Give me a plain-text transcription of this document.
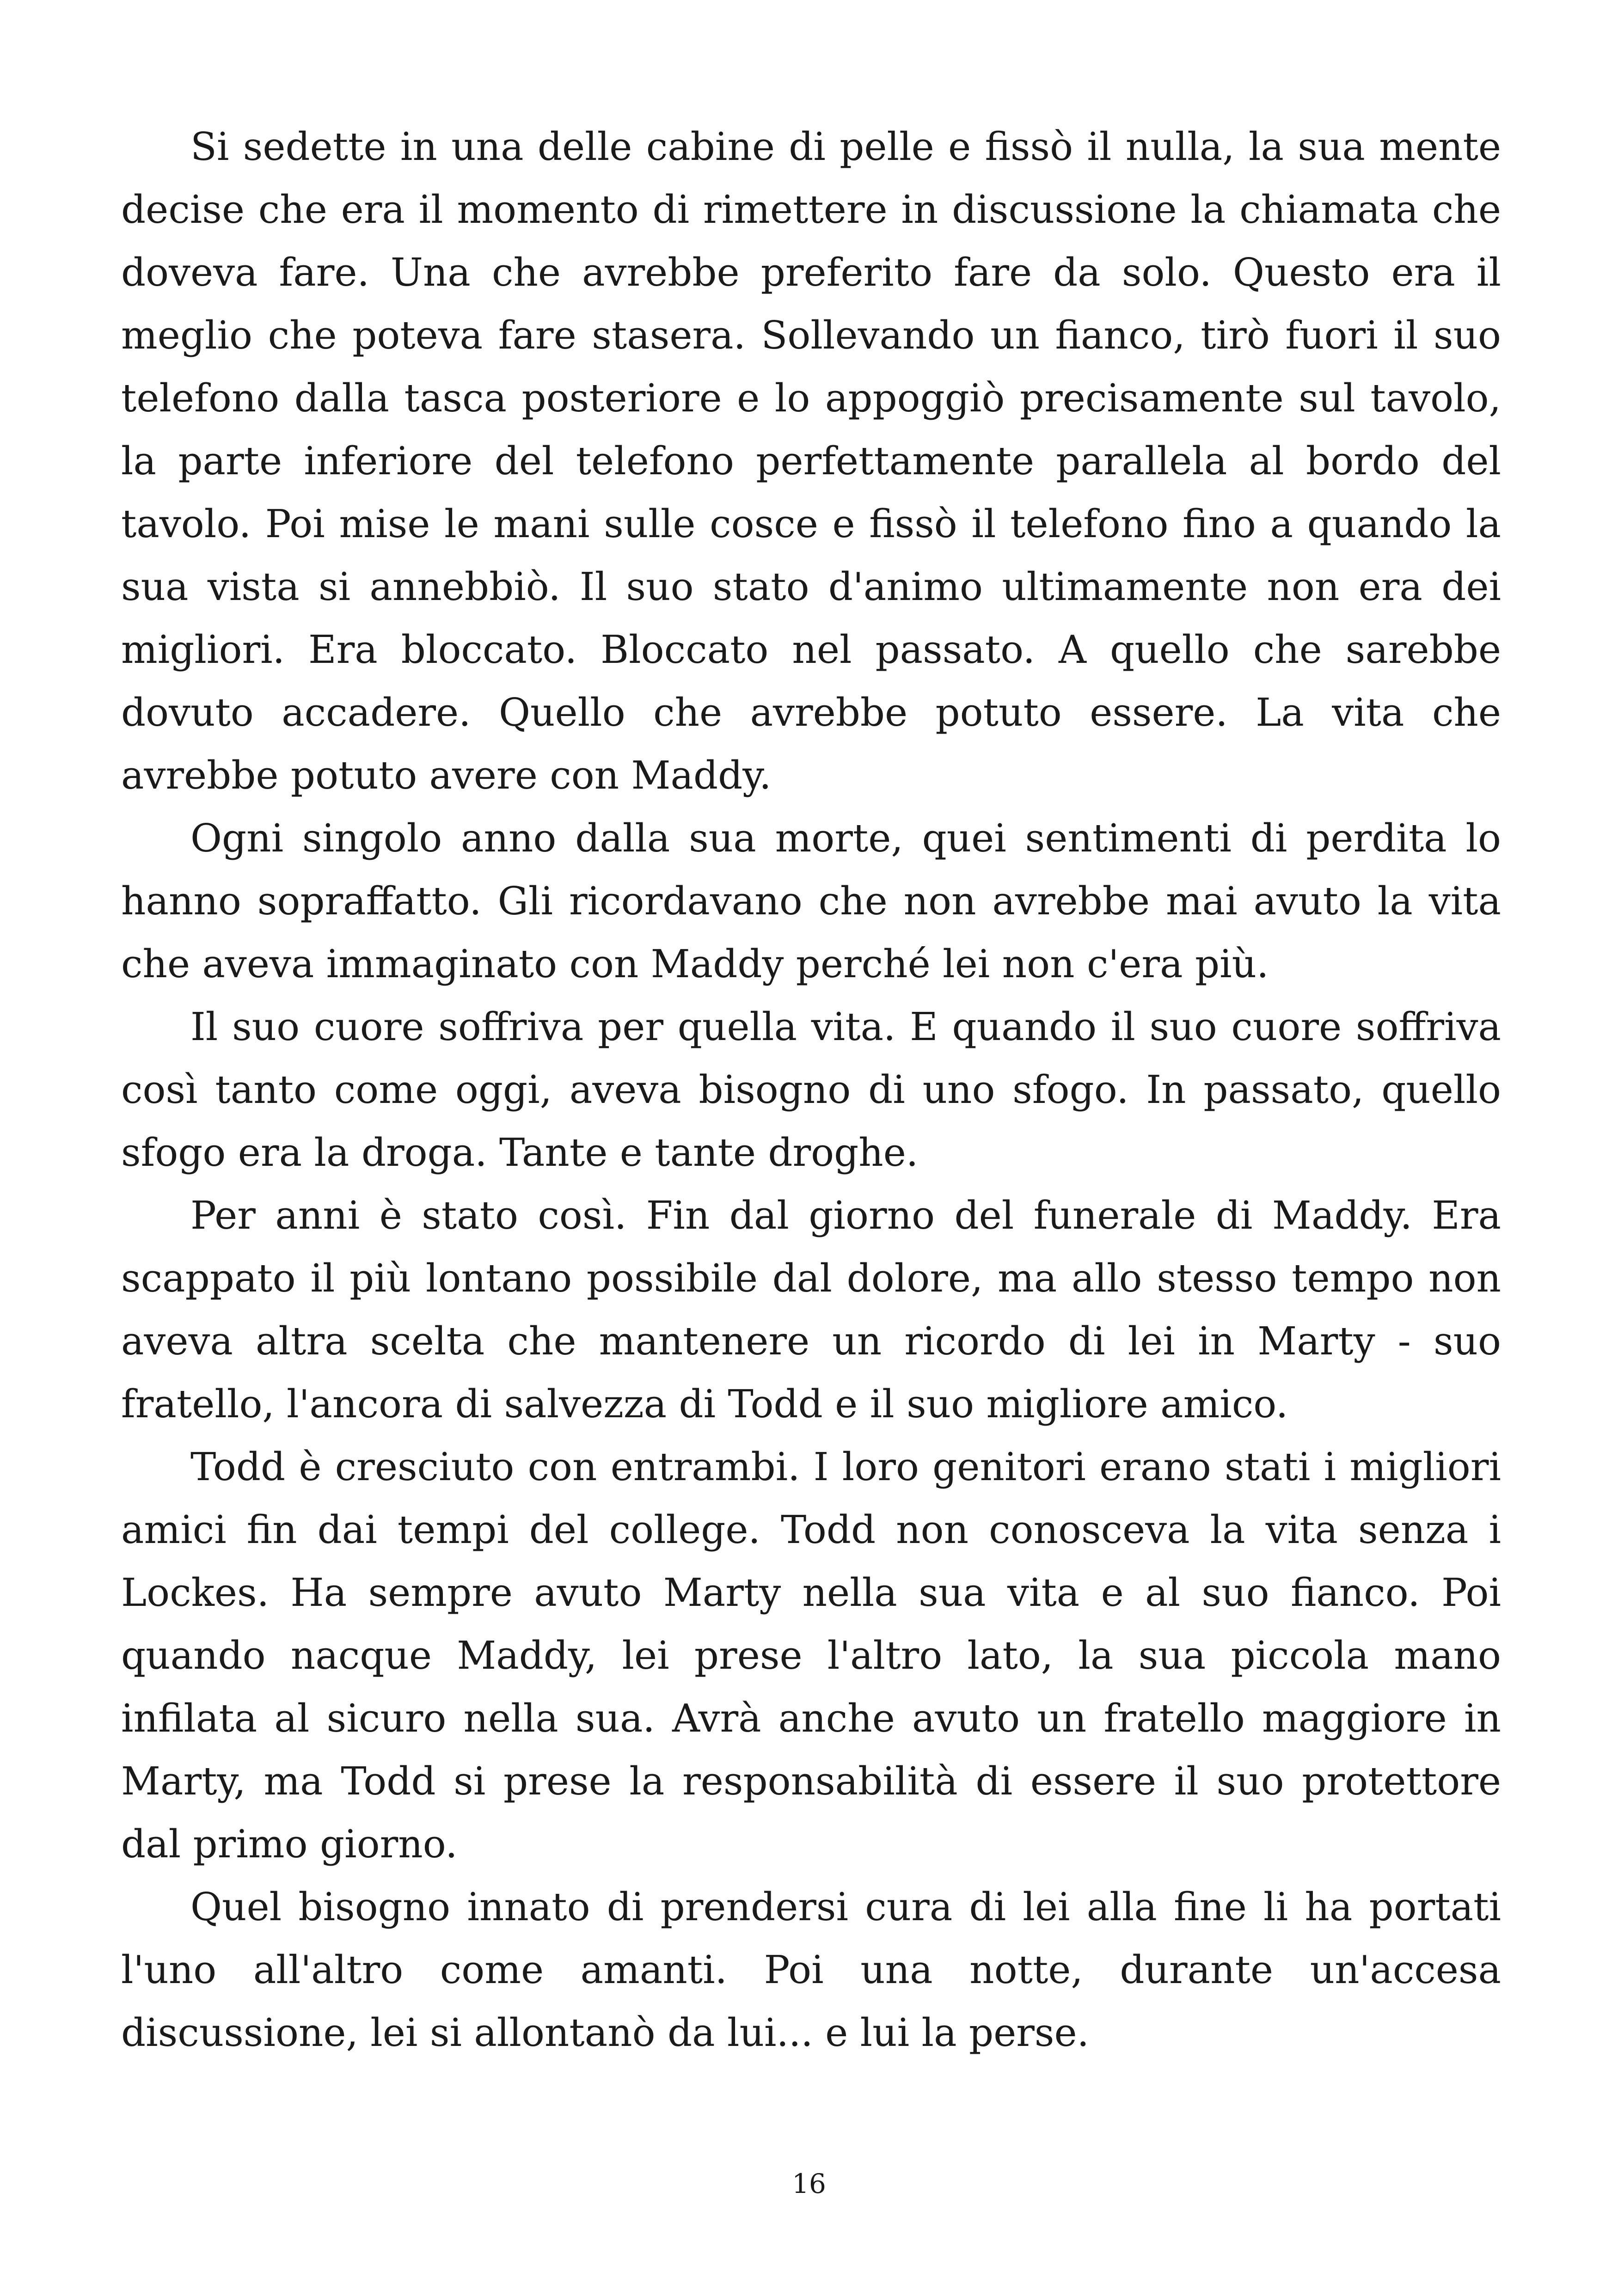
Si sedette in una delle cabine di pelle e fissò il nulla, la sua mente decise che era il momento di rimettere in discussione la chiamata che doveva fare. Una che avrebbe preferito fare da solo. Questo era il meglio che poteva fare stasera. Sollevando un fianco, tirò fuori il suo telefono dalla tasca posteriore e lo appoggiò precisamente sul tavolo, la parte inferiore del telefono perfettamente parallela al bordo del tavolo. Poi mise le mani sulle cosce e fissò il telefono fino a quando la sua vista si annebbiò. Il suo stato d'animo ultimamente non era dei migliori. Era bloccato. Bloccato nel passato. A quello che sarebbe dovuto accadere. Quello che avrebbe potuto essere. La vita che avrebbe potuto avere con Maddy.

Ogni singolo anno dalla sua morte, quei sentimenti di perdita lo hanno sopraffatto. Gli ricordavano che non avrebbe mai avuto la vita che aveva immaginato con Maddy perché lei non c'era più.

Il suo cuore soffriva per quella vita. E quando il suo cuore soffriva così tanto come oggi, aveva bisogno di uno sfogo. In passato, quello sfogo era la droga. Tante e tante droghe.

Per anni è stato così. Fin dal giorno del funerale di Maddy. Era scappato il più lontano possibile dal dolore, ma allo stesso tempo non aveva altra scelta che mantenere un ricordo di lei in Marty - suo fratello, l'ancora di salvezza di Todd e il suo migliore amico.

Todd è cresciuto con entrambi. I loro genitori erano stati i migliori amici fin dai tempi del college. Todd non conosceva la vita senza i Lockes. Ha sempre avuto Marty nella sua vita e al suo fianco. Poi quando nacque Maddy, lei prese l'altro lato, la sua piccola mano infilata al sicuro nella sua. Avrà anche avuto un fratello maggiore in Marty, ma Todd si prese la responsabilità di essere il suo protettore dal primo giorno.

Quel bisogno innato di prendersi cura di lei alla fine li ha portati l'uno all'altro come amanti. Poi una notte, durante un'accesa discussione, lei si allontanò da lui... e lui la perse.

16
